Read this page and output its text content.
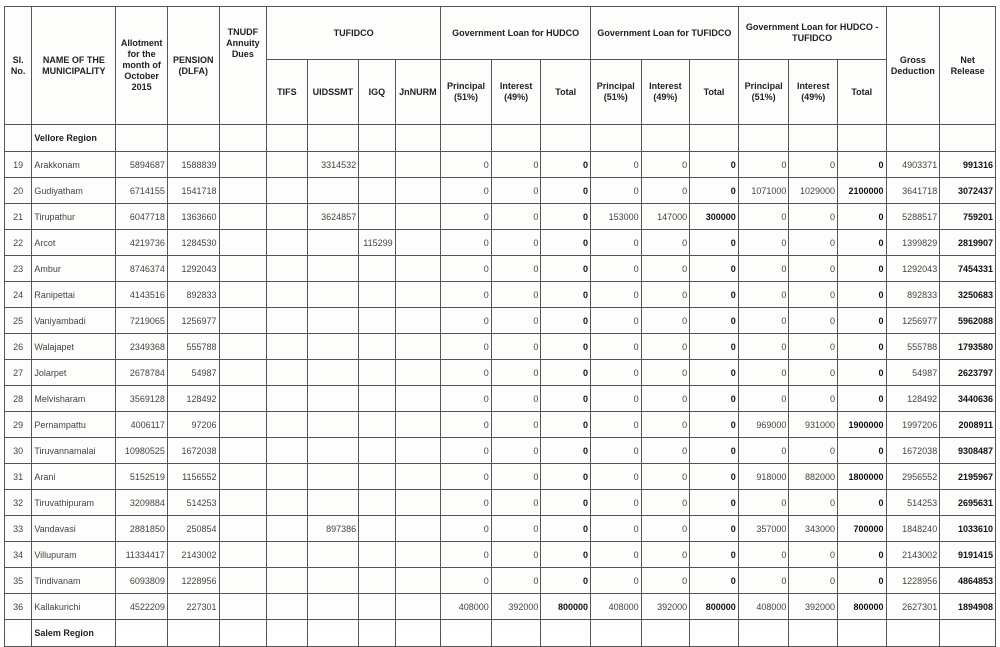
Sl. No.	NAME OF THE MUNICIPALITY	Allotment for the month of October 2015	PENSION (DLFA)	TNUDF Annuity Dues	TUFIDCO				Government Loan for HUDCO			Government Loan for TUFIDCO			Government Loan for HUDCO - TUFIDCO			Gross Deduction	Net Release
					TIFS	UIDSSMT	IGQ	JnNURM	Principal (51%)	Interest (49%)	Total	Principal (51%)	Interest (49%)	Total	Principal (51%)	Interest (49%)	Total		
	Vellore Region																		
19	Arakkonam	5894687	1588839			3314532			0	0	0	0	0	0	0	0	0	4903371	991316
20	Gudiyatham	6714155	1541718						0	0	0	0	0	0	1071000	1029000	2100000	3641718	3072437
21	Tirupathur	6047718	1363660			3624857			0	0	0	153000	147000	300000	0	0	0	5288517	759201
22	Arcot	4219736	1284530				115299		0	0	0	0	0	0	0	0	0	1399829	2819907
23	Ambur	8746374	1292043						0	0	0	0	0	0	0	0	0	1292043	7454331
24	Ranipettai	4143516	892833						0	0	0	0	0	0	0	0	0	892833	3250683
25	Vaniyambadi	7219065	1256977						0	0	0	0	0	0	0	0	0	1256977	5962088
26	Walajapet	2349368	555788						0	0	0	0	0	0	0	0	0	555788	1793580
27	Jolarpet	2678784	54987						0	0	0	0	0	0	0	0	0	54987	2623797
28	Melvisharam	3569128	128492						0	0	0	0	0	0	0	0	0	128492	3440636
29	Pernampattu	4006117	97206						0	0	0	0	0	0	969000	931000	1900000	1997206	2008911
30	Tiruvannamalai	10980525	1672038						0	0	0	0	0	0	0	0	0	1672038	9308487
31	Arani	5152519	1156552						0	0	0	0	0	0	918000	882000	1800000	2956552	2195967
32	Tiruvathipuram	3209884	514253						0	0	0	0	0	0	0	0	0	514253	2695631
33	Vandavasi	2881850	250854			897386			0	0	0	0	0	0	357000	343000	700000	1848240	1033610
34	Villupuram	11334417	2143002						0	0	0	0	0	0	0	0	0	2143002	9191415
35	Tindivanam	6093809	1228956						0	0	0	0	0	0	0	0	0	1228956	4864853
36	Kallakurichi	4522209	227301						408000	392000	800000	408000	392000	800000	408000	392000	800000	2627301	1894908
	Salem Region																		
